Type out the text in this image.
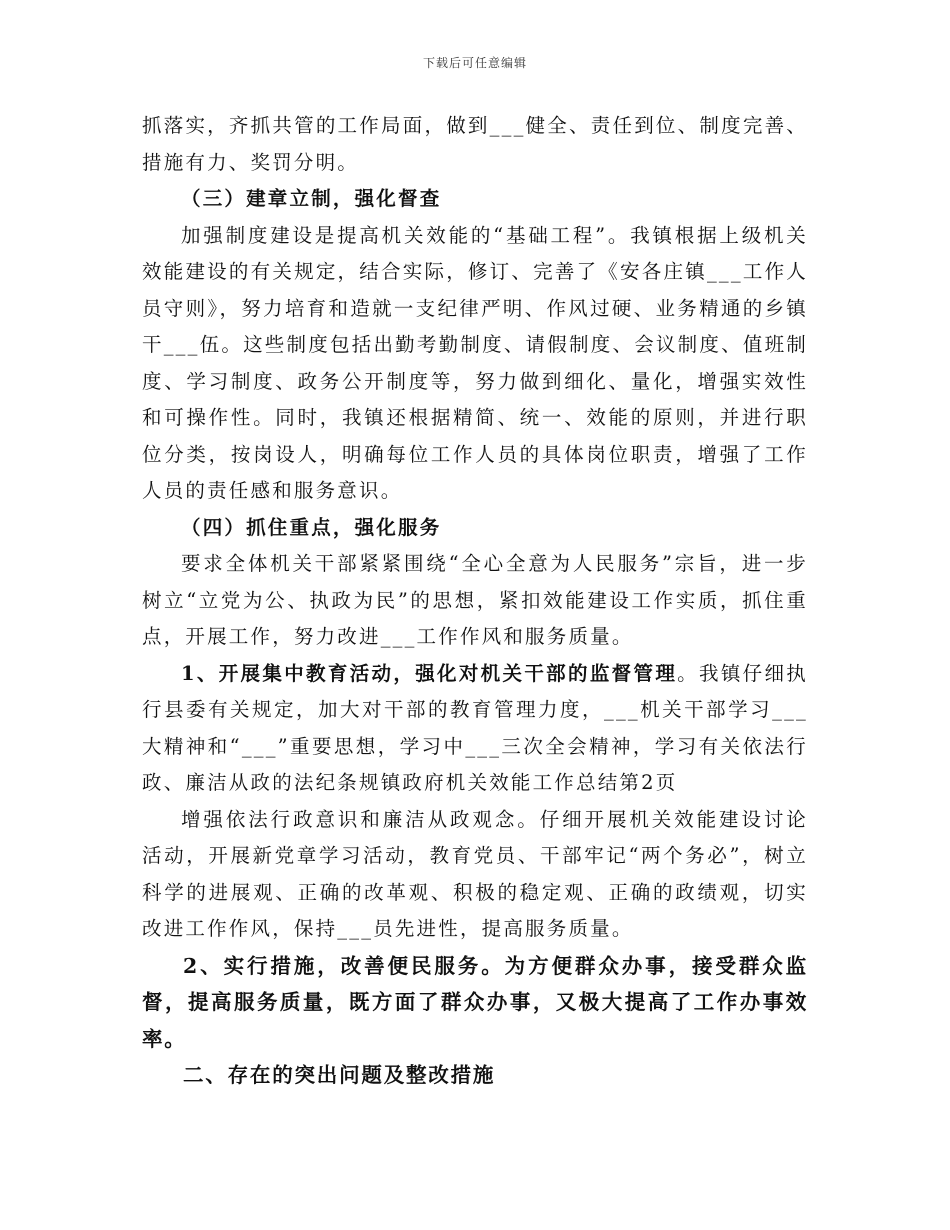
下载后可任意编辑

抓落实，齐抓共管的工作局面，做到___健全、责任到位、制度完善、措施有力、奖罚分明。

（三）建章立制，强化督查

加强制度建设是提高机关效能的“基础工程”。我镇根据上级机关效能建设的有关规定，结合实际，修订、完善了《安各庄镇___工作人员守则》，努力培育和造就一支纪律严明、作风过硬、业务精通的乡镇干___伍。这些制度包括出勤考勤制度、请假制度、会议制度、值班制度、学习制度、政务公开制度等，努力做到细化、量化，增强实效性和可操作性。同时，我镇还根据精简、统一、效能的原则，并进行职位分类，按岗设人，明确每位工作人员的具体岗位职责，增强了工作人员的责任感和服务意识。

（四）抓住重点，强化服务

要求全体机关干部紧紧围绕“全心全意为人民服务”宗旨，进一步树立“立党为公、执政为民”的思想，紧扣效能建设工作实质，抓住重点，开展工作，努力改进___工作作风和服务质量。

1、开展集中教育活动，强化对机关干部的监督管理。我镇仔细执行县委有关规定，加大对干部的教育管理力度，___机关干部学习___大精神和“___”重要思想，学习中___三次全会精神，学习有关依法行政、廉洁从政的法纪条规镇政府机关效能工作总结第2页

增强依法行政意识和廉洁从政观念。仔细开展机关效能建设讨论活动，开展新党章学习活动，教育党员、干部牢记“两个务必”，树立科学的进展观、正确的改革观、积极的稳定观、正确的政绩观，切实改进工作作风，保持___员先进性，提高服务质量。

2、实行措施，改善便民服务。为方便群众办事，接受群众监督，提高服务质量，既方面了群众办事，又极大提高了工作办事效率。

二、存在的突出问题及整改措施
